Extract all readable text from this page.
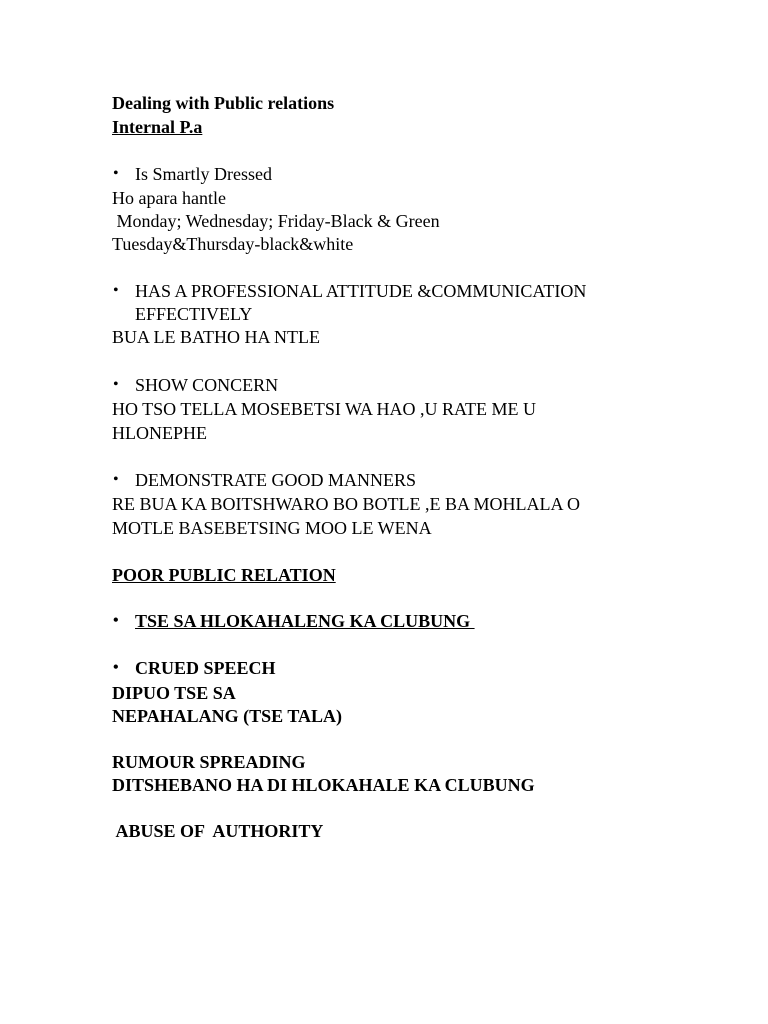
Dealing with Public relations
Internal P.a
• Is Smartly Dressed
Ho apara hantle
Monday; Wednesday; Friday-Black & Green
Tuesday&Thursday-black&white
• HAS A PROFESSIONAL ATTITUDE &COMMUNICATION
EFFECTIVELY
BUA LE BATHO HA NTLE
• SHOW CONCERN
HO TSO TELLA MOSEBETSI WA HAO ,U RATE ME U
HLONEPHE
• DEMONSTRATE GOOD MANNERS
RE BUA KA BOITSHWARO BO BOTLE ,E BA MOHLALA O
MOTLE BASEBETSING MOO LE WENA
POOR PUBLIC RELATION
• TSE SA HLOKAHALENG KA CLUBUNG
• CRUED SPEECH
DIPUO TSE SA
NEPAHALANG (TSE TALA)
RUMOUR SPREADING
DITSHEBANO HA DI HLOKAHALE KA CLUBUNG
ABUSE OF  AUTHORITY
